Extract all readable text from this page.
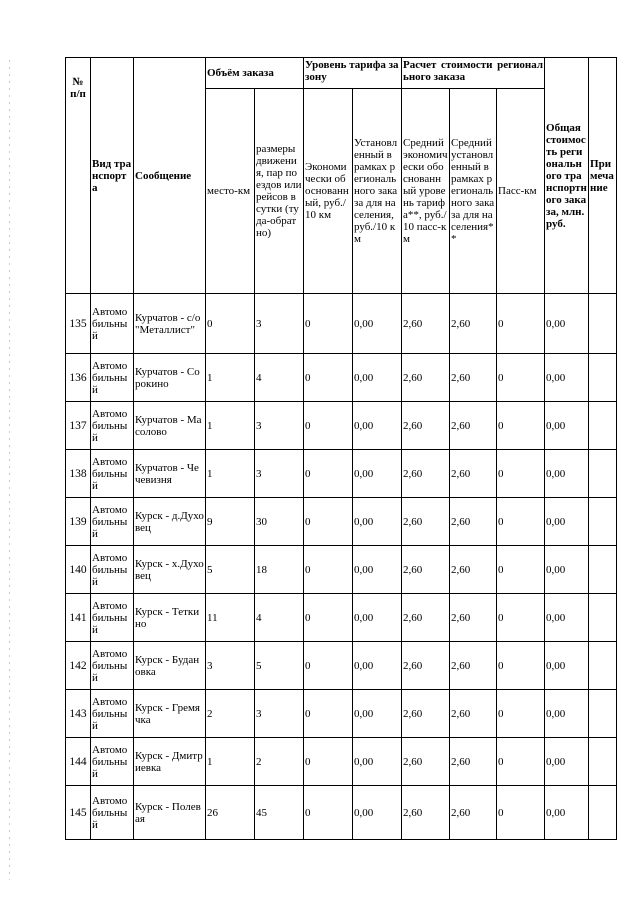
№ п/п	Вид транспорта	Сообщение	Объём заказа		Уровень тарифа за зону		Расчет стоимости регионального заказа			Общая стоимость регионального транспортного заказа, млн. руб.	Примечание
			место-км	размеры движения, пар поездов или рейсов в сутки (туда-обратно)	Экономически обоснованный, руб./10 км	Установленный в рамках регионального заказа для населения, руб./10 км	Средний экономически обоснованный уровень тарифа**, руб./10 пасс-км	Средний установленный в рамках регионального заказа для населения**	Пасс-км		

135	Автомобильный	Курчатов - с/о "Металлист"	0	3	0	0,00	2,60	2,60	0	0,00	
136	Автомобильный	Курчатов - Сорокино	1	4	0	0,00	2,60	2,60	0	0,00	
137	Автомобильный	Курчатов - Масолово	1	3	0	0,00	2,60	2,60	0	0,00	
138	Автомобильный	Курчатов - Чечевизня	1	3	0	0,00	2,60	2,60	0	0,00	
139	Автомобильный	Курск - д.Духовец	9	30	0	0,00	2,60	2,60	0	0,00	
140	Автомобильный	Курск - х.Духовец	5	18	0	0,00	2,60	2,60	0	0,00	
141	Автомобильный	Курск - Теткино	11	4	0	0,00	2,60	2,60	0	0,00	
142	Автомобильный	Курск - Будановка	3	5	0	0,00	2,60	2,60	0	0,00	
143	Автомобильный	Курск - Гремячка	2	3	0	0,00	2,60	2,60	0	0,00	
144	Автомобильный	Курск - Дмитриевка	1	2	0	0,00	2,60	2,60	0	0,00	
145	Автомобильный	Курск - Полевая	26	45	0	0,00	2,60	2,60	0	0,00	
